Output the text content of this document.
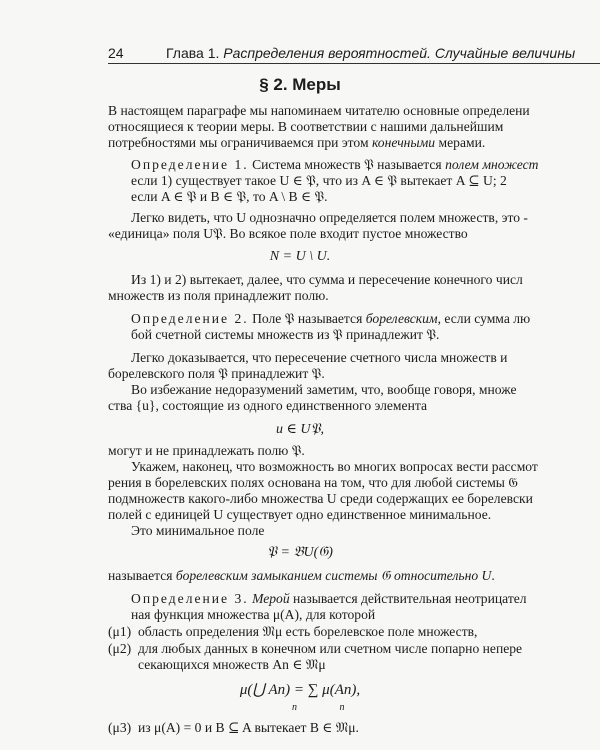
24	Глава 1. Распределения вероятностей. Случайные величины
§ 2. Меры
В настоящем параграфе мы напоминаем читателю основные определени
относящиеся к теории меры. В соответствии с нашими дальнейшим
потребностями мы ограничиваемся при этом конечными мерами.
Определение 1. Система множеств 𝔓 называется полем множест
если 1) существует такое U ∈ 𝔓, что из A ∈ 𝔓 вытекает A ⊆ U; 2
если A ∈ 𝔓 и B ∈ 𝔓, то A \ B ∈ 𝔓.
Легко видеть, что U однозначно определяется полем множеств, это -
«единица» поля U𝔓. Во всякое поле входит пустое множество
N = U \ U.
Из 1) и 2) вытекает, далее, что сумма и пересечение конечного числ
множеств из поля принадлежит полю.
Определение 2. Поле 𝔓 называется борелевским, если сумма лю
бой счетной системы множеств из 𝔓 принадлежит 𝔓.
Легко доказывается, что пересечение счетного числа множеств и
борелевского поля 𝔓 принадлежит 𝔓.
Во избежание недоразумений заметим, что, вообще говоря, множе
ства {u}, состоящие из одного единственного элемента
u ∈ U𝔓,
могут и не принадлежать полю 𝔓.
Укажем, наконец, что возможность во многих вопросах вести рассмот
рения в борелевских полях основана на том, что для любой системы 𝔊
подмножеств какого-либо множества U среди содержащих ее борелевски
полей с единицей U существует одно единственное минимальное.
Это минимальное поле
𝔓 = 𝔅U(𝔊)
называется борелевским замыканием системы 𝔊 относительно U.
Определение 3. Мерой называется действительная неотрицател
ная функция множества μ(A), для которой
(μ1) область определения 𝔐μ есть борелевское поле множеств,
(μ2) для любых данных в конечном или счетном числе попарно непере
секающихся множеств An ∈ 𝔐μ
μ(⋃ An) = ∑ μ(An),
n                 n
(μ3) из μ(A) = 0 и B ⊆ A вытекает B ∈ 𝔐μ.
